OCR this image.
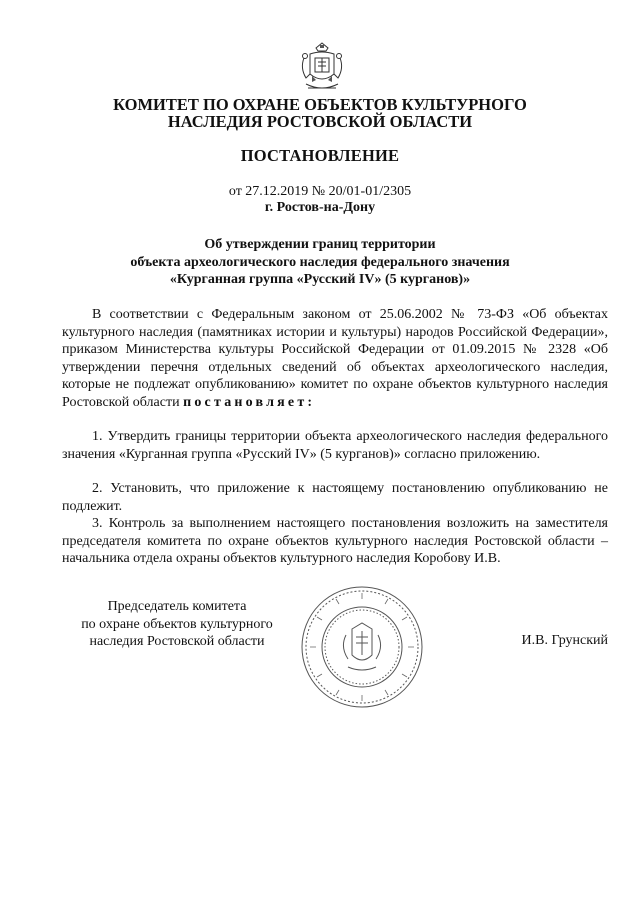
КОМИТЕТ ПО ОХРАНЕ ОБЪЕКТОВ КУЛЬТУРНОГО
НАСЛЕДИЯ РОСТОВСКОЙ ОБЛАСТИ
ПОСТАНОВЛЕНИЕ
от 27.12.2019 № 20/01-01/2305
г. Ростов-на-Дону
Об утверждении границ территории
объекта археологического наследия федерального значения
«Курганная группа «Русский IV» (5 курганов)»

В соответствии с Федеральным законом от 25.06.2002 № 73-ФЗ «Об объектах культурного наследия (памятниках истории и культуры) народов Российской Федерации», приказом Министерства культуры Российской Федерации от 01.09.2015 № 2328 «Об утверждении перечня отдельных сведений об объектах археологического наследия, которые не подлежат опубликованию» комитет по охране объектов культурного наследия Ростовской области постановляет:

1. Утвердить границы территории объекта археологического наследия федерального значения «Курганная группа «Русский IV» (5 курганов)» согласно приложению.

2. Установить, что приложение к настоящему постановлению опубликованию не подлежит.

3. Контроль за выполнением настоящего постановления возложить на заместителя председателя комитета по охране объектов культурного наследия Ростовской области – начальника отдела охраны объектов культурного наследия Коробову И.В.

Председатель комитета
по охране объектов культурного
наследия Ростовской области	И.В. Грунский
